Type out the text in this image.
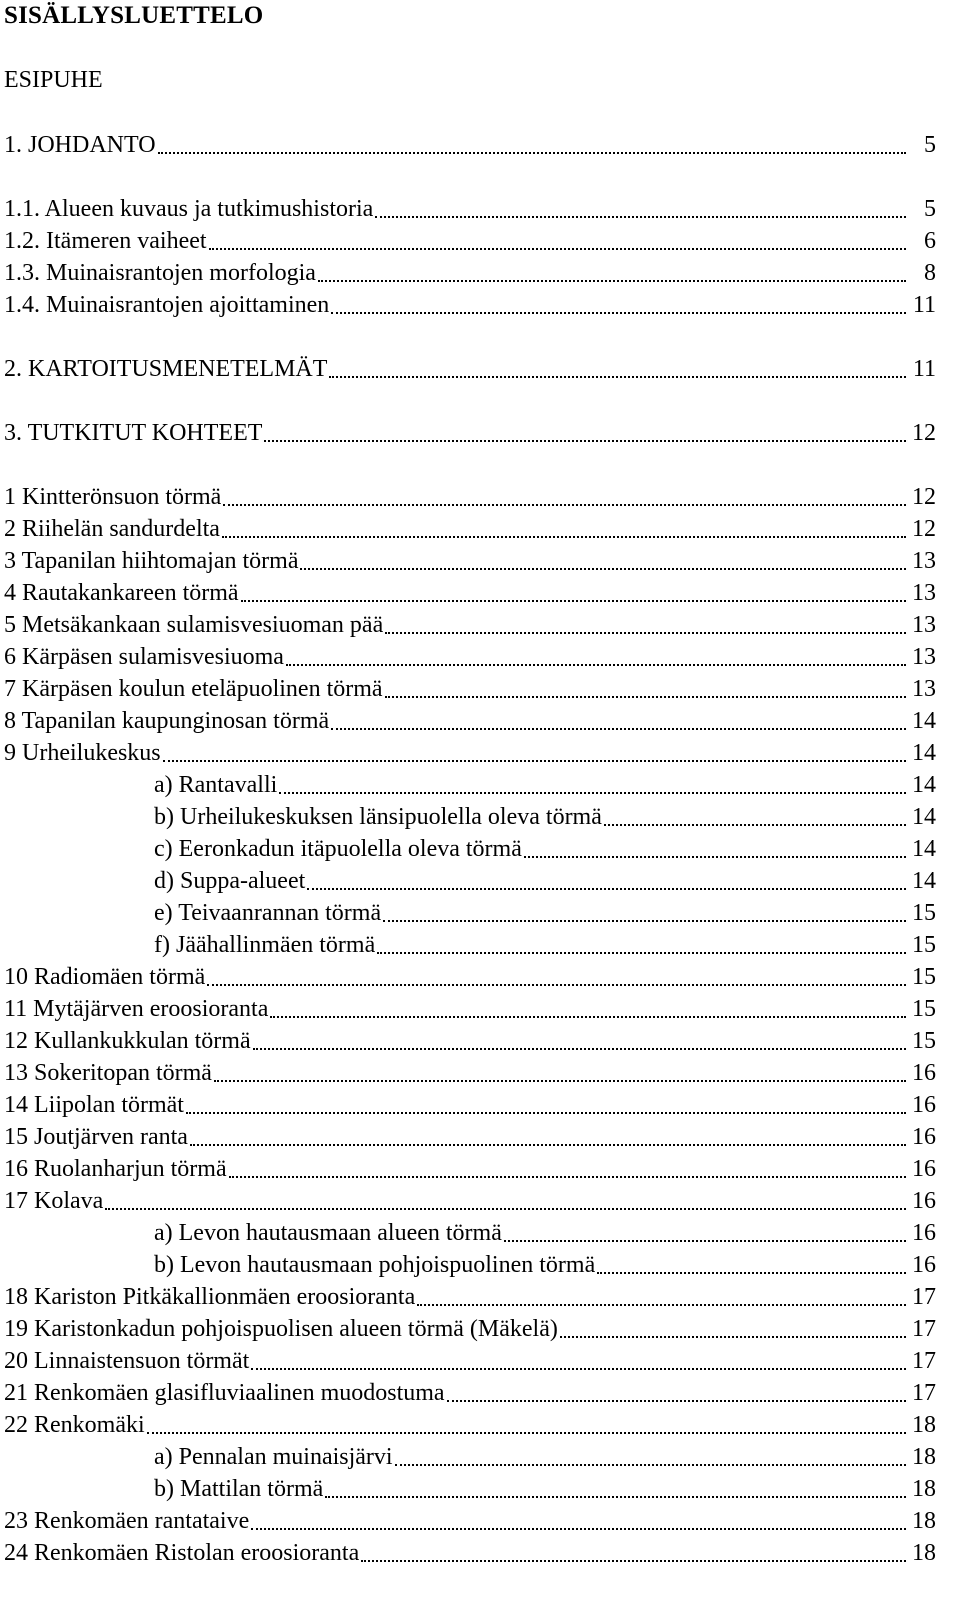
SISÄLLYSLUETTELO
ESIPUHE
1. JOHDANTO	5
1.1. Alueen kuvaus ja tutkimushistoria	5
1.2. Itämeren vaiheet	6
1.3. Muinaisrantojen morfologia	8
1.4. Muinaisrantojen ajoittaminen	11
2. KARTOITUSMENETELMÄT	11
3. TUTKITUT KOHTEET	12
1 Kintterönsuon törmä	12
2 Riihelän sandurdelta	12
3 Tapanilan hiihtomajan törmä	13
4 Rautakankareen törmä	13
5 Metsäkankaan sulamisvesiuoman pää	13
6 Kärpäsen sulamisvesiuoma	13
7 Kärpäsen koulun eteläpuolinen törmä	13
8 Tapanilan kaupunginosan törmä	14
9 Urheilukeskus	14
a) Rantavalli	14
b) Urheilukeskuksen länsipuolella oleva törmä	14
c) Eeronkadun itäpuolella oleva törmä	14
d) Suppa-alueet	14
e) Teivaanrannan törmä	15
f) Jäähallinmäen törmä	15
10 Radiomäen törmä	15
11 Mytäjärven eroosioranta	15
12 Kullankukkulan törmä	15
13 Sokeritopan törmä	16
14 Liipolan törmät	16
15 Joutjärven ranta	16
16 Ruolanharjun törmä	16
17 Kolava	16
a) Levon hautausmaan alueen törmä	16
b) Levon hautausmaan pohjoispuolinen törmä	16
18 Kariston Pitkäkallionmäen eroosioranta	17
19 Karistonkadun pohjoispuolisen alueen törmä (Mäkelä)	17
20 Linnaistensuon törmät	17
21 Renkomäen glasifluviaalinen muodostuma	17
22 Renkomäki	18
a) Pennalan muinaisjärvi	18
b) Mattilan törmä	18
23 Renkomäen rantataive	18
24 Renkomäen Ristolan eroosioranta	18
